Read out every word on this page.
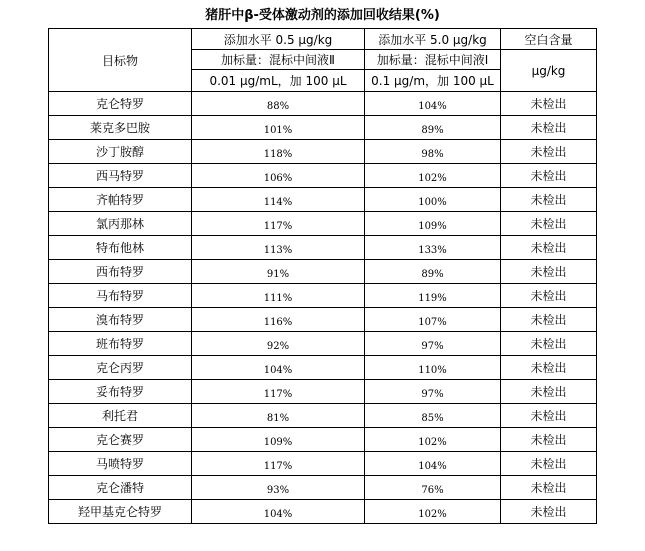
猪肝中β-受体激动剂的添加回收结果(%)
目标物	添加水平 0.5 μg/kg	添加水平 5.0 μg/kg	空白含量
	加标量：混标中间液Ⅱ	加标量：混标中间液Ⅰ	μg/kg
	0.01 μg/mL，加 100 μL	0.1 μg/m，加 100 μL	
克仑特罗	88%	104%	未检出
莱克多巴胺	101%	89%	未检出
沙丁胺醇	118%	98%	未检出
西马特罗	106%	102%	未检出
齐帕特罗	114%	100%	未检出
氯丙那林	117%	109%	未检出
特布他林	113%	133%	未检出
西布特罗	91%	89%	未检出
马布特罗	111%	119%	未检出
溴布特罗	116%	107%	未检出
班布特罗	92%	97%	未检出
克仑丙罗	104%	110%	未检出
妥布特罗	117%	97%	未检出
利托君	81%	85%	未检出
克仑赛罗	109%	102%	未检出
马喷特罗	117%	104%	未检出
克仑潘特	93%	76%	未检出
羟甲基克仑特罗	104%	102%	未检出
